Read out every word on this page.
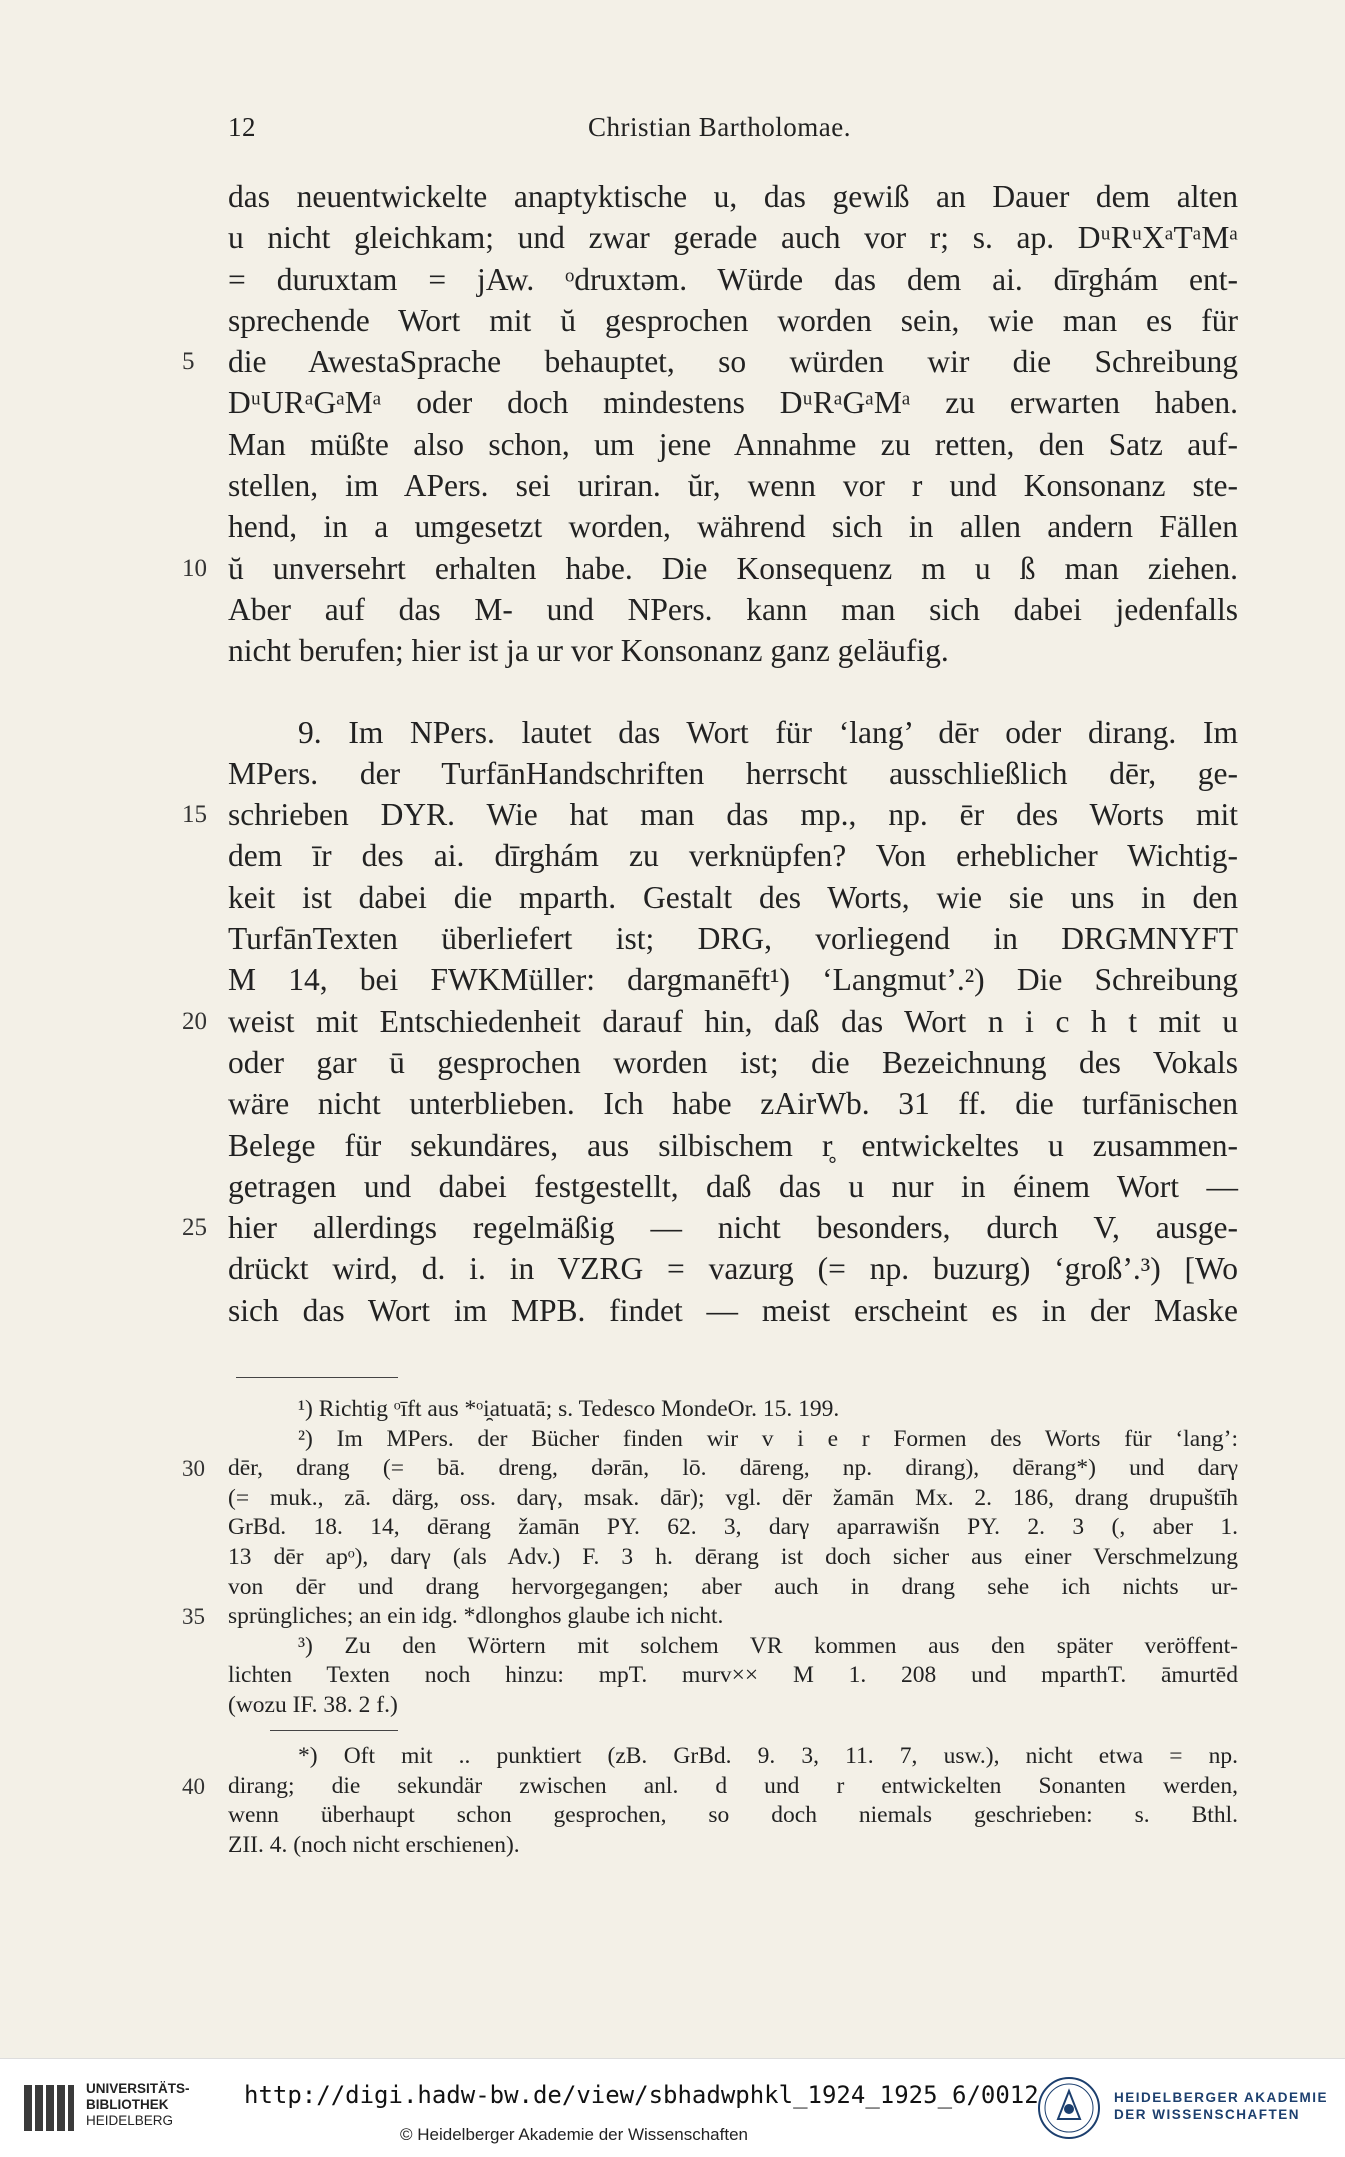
12	Christian Bartholomae.
das neuentwickelte anaptyktische u, das gewiß an Dauer dem alten
u nicht gleichkam; und zwar gerade auch vor r; s. ap. DᵘRᵘXᵃTᵃMᵃ
= duruxtam = jAw. ᵒdruxtəm. Würde das dem ai. dīrghám ent-
sprechende Wort mit ŭ gesprochen worden sein, wie man es für
5 die AwestaSprache behauptet, so würden wir die Schreibung
DᵘURᵃGᵃMᵃ oder doch mindestens DᵘRᵃGᵃMᵃ zu erwarten haben.
Man müßte also schon, um jene Annahme zu retten, den Satz auf-
stellen, im APers. sei uriran. ŭr, wenn vor r und Konsonanz ste-
hend, in a umgesetzt worden, während sich in allen andern Fällen
10 ŭ unversehrt erhalten habe. Die Konsequenz m u ß man ziehen.
Aber auf das M- und NPers. kann man sich dabei jedenfalls
nicht berufen; hier ist ja ur vor Konsonanz ganz geläufig.
9. Im NPers. lautet das Wort für ‘lang’ dēr oder dirang. Im
MPers. der TurfānHandschriften herrscht ausschließlich dēr, ge-
15 schrieben DYR. Wie hat man das mp., np. ēr des Worts mit
dem īr des ai. dīrghám zu verknüpfen? Von erheblicher Wichtig-
keit ist dabei die mparth. Gestalt des Worts, wie sie uns in den
TurfānTexten überliefert ist; DRG, vorliegend in DRGMNYFT
M 14, bei FWKMüller: dargmanēft¹) ‘Langmut’.²) Die Schreibung
20 weist mit Entschiedenheit darauf hin, daß das Wort n i c h t mit u
oder gar ū gesprochen worden ist; die Bezeichnung des Vokals
wäre nicht unterblieben. Ich habe zAirWb. 31 ff. die turfānischen
Belege für sekundäres, aus silbischem r̥ entwickeltes u zusammen-
getragen und dabei festgestellt, daß das u nur in éinem Wort —
25 hier allerdings regelmäßig — nicht besonders, durch V, ausge-
drückt wird, d. i. in VZRG = vazurg (= np. buzurg) ‘groß’.³) [Wo
sich das Wort im MPB. findet — meist erscheint es in der Maske
¹) Richtig ᵒīft aus *ᵒi̯atuatā; s. Tedesco MondeOr. 15. 199.
²) Im MPers. der Bücher finden wir v i e r Formen des Worts für ‘lang’:
30 dēr, drang (= bā. dreng, dərān, lō. dāreng, np. dirang), dērang*) und darγ
(= muk., zā. därg, oss. darγ, msak. dār); vgl. dēr žamān Mx. 2. 186, drang drupuštīh
GrBd. 18. 14, dērang žamān PY. 62. 3, darγ aparrawišn PY. 2. 3 (, aber 1.
13 dēr apᵒ), darγ (als Adv.) F. 3 h. dērang ist doch sicher aus einer Verschmelzung
von dēr und drang hervorgegangen; aber auch in drang sehe ich nichts ur-
35 sprüngliches; an ein idg. *dlonghos glaube ich nicht.
³) Zu den Wörtern mit solchem VR kommen aus den später veröffent-
lichten Texten noch hinzu: mpT. murv×× M 1. 208 und mparthT. āmurtēd
(wozu IF. 38. 2 f.)
*) Oft mit .. punktiert (zB. GrBd. 9. 3, 11. 7, usw.), nicht etwa = np.
40 dirang; die sekundär zwischen anl. d und r entwickelten Sonanten werden,
wenn überhaupt schon gesprochen, so doch niemals geschrieben: s. Bthl.
ZII. 4. (noch nicht erschienen).
UNIVERSITÄTS-
BIBLIOTHEK
HEIDELBERG
http://digi.hadw-bw.de/view/sbhadwphkl_1924_1925_6/0012
© Heidelberger Akademie der Wissenschaften
HEIDELBERGER AKADEMIE
DER WISSENSCHAFTEN
